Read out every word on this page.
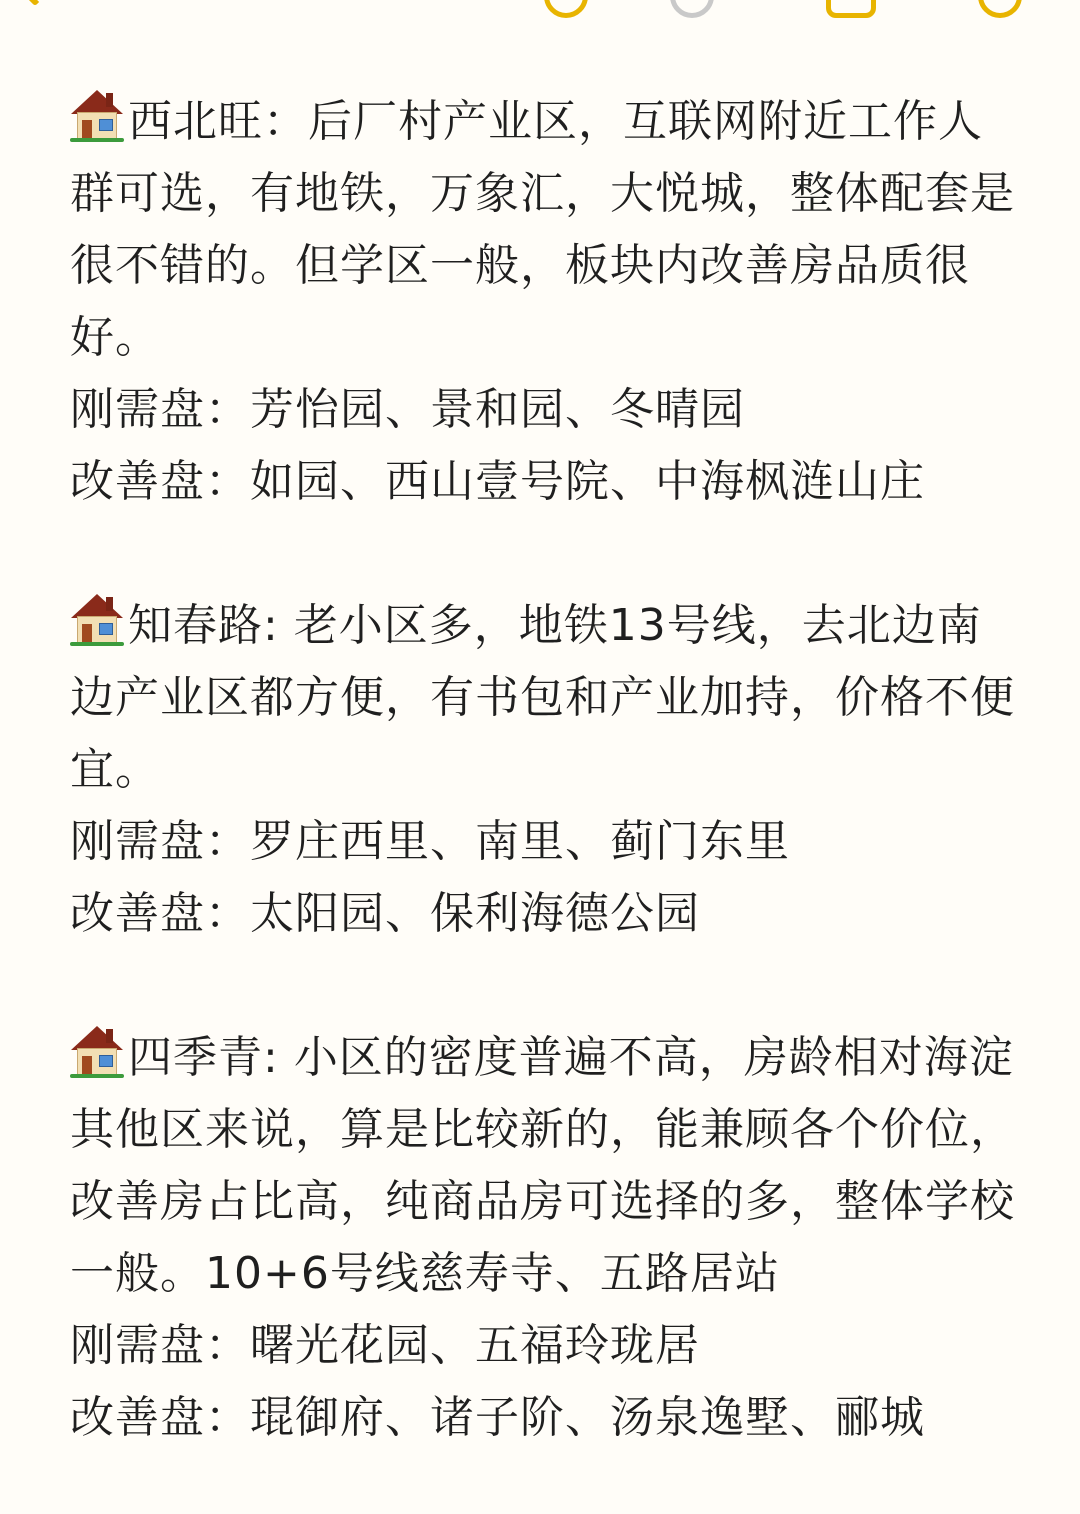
西北旺：后厂村产业区，互联网附近工作人群可选，有地铁，万象汇，大悦城，整体配套是很不错的。但学区一般，板块内改善房品质很好。

刚需盘：芳怡园、景和园、冬晴园

改善盘：如园、西山壹号院、中海枫涟山庄

知春路: 老小区多，地铁13号线，去北边南边产业区都方便，有书包和产业加持，价格不便宜。

刚需盘：罗庄西里、南里、蓟门东里

改善盘：太阳园、保利海德公园

四季青: 小区的密度普遍不高，房龄相对海淀其他区来说，算是比较新的，能兼顾各个价位，改善房占比高，纯商品房可选择的多，整体学校一般。10+6号线慈寿寺、五路居站

刚需盘：曙光花园、五福玲珑居

改善盘：琨御府、诸子阶、汤泉逸墅、郦城
